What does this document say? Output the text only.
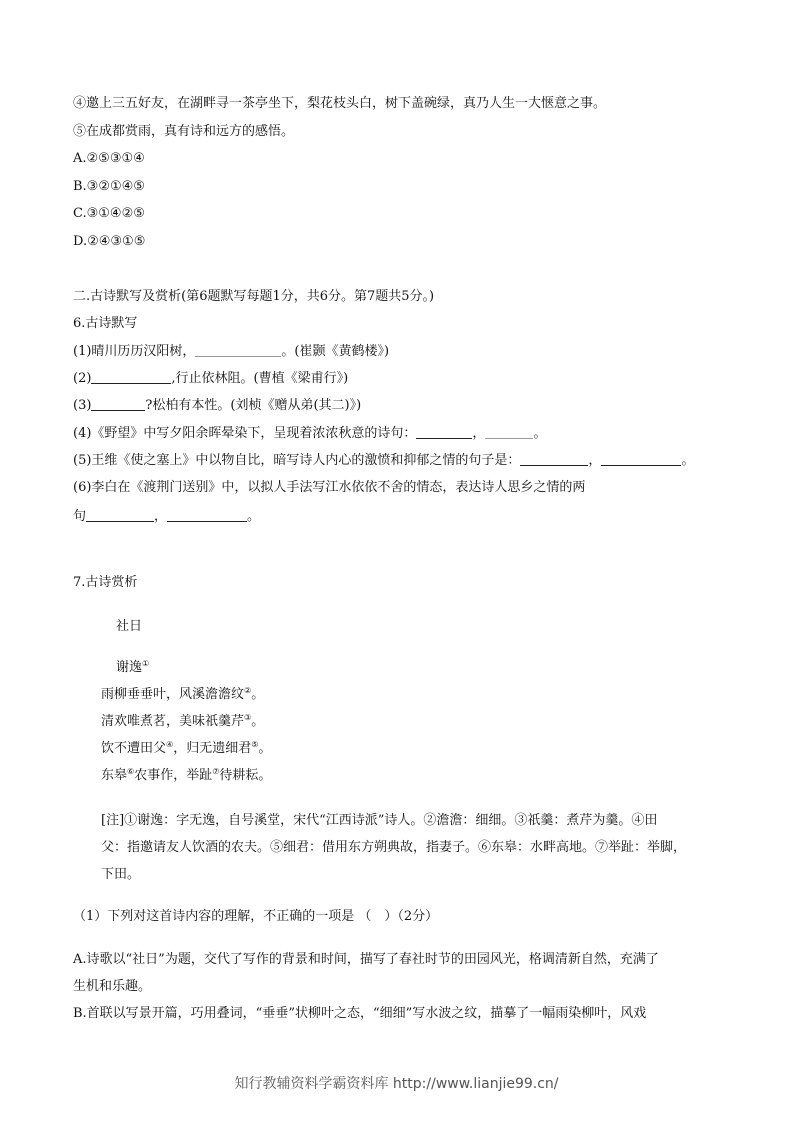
④邀上三五好友，在湖畔寻一茶亭坐下，梨花枝头白，树下盖碗绿，真乃人生一大惬意之事。
⑤在成都赏雨，真有诗和远方的感悟。
A.②⑤③①④
B.③②①④⑤
C.③①④②⑤
D.②④③①⑤
二.古诗默写及赏析(第6题默写每题1分，共6分。第7题共5分。)
6.古诗默写
(1)晴川历历汉阳树，	。(崔颢《黄鹤楼》)
(2)	,行止依林阻。(曹植《梁甫行》)
(3)	?松柏有本性。(刘桢《赠从弟(其二)》)
(4)《野望》中写夕阳余晖晕染下，呈现着浓浓秋意的诗句：	，	。
(5)王维《使之塞上》中以物自比，暗写诗人内心的激愤和抑郁之情的句子是：	，	。
(6)李白在《渡荆门送别》中，以拟人手法写江水依依不舍的情态，表达诗人思乡之情的两
句	，	。
7.古诗赏析
社日
谢逸①
雨柳垂垂叶，风溪澹澹纹②。
清欢唯煮茗，美味祇羹芹③。
饮不遭田父④，归无遗细君⑤。
东皋⑥农事作，举趾⑦待耕耘。
[注]①谢逸：字无逸，自号溪堂，宋代“江西诗派”诗人。②澹澹：细细。③祇羹：煮芹为羹。④田
父：指邀请友人饮酒的农夫。⑤细君：借用东方朔典故，指妻子。⑥东皋：水畔高地。⑦举趾：举脚，
下田。
（1）下列对这首诗内容的理解，不正确的一项是 （　）（2分）
A.诗歌以“社日”为题，交代了写作的背景和时间，描写了春社时节的田园风光，格调清新自然，充满了
生机和乐趣。
B.首联以写景开篇，巧用叠词，“垂垂”状柳叶之态，“细细”写水波之纹，描摹了一幅雨染柳叶，风戏
知行教辅资料学霸资料库 http://www.lianjie99.cn/
